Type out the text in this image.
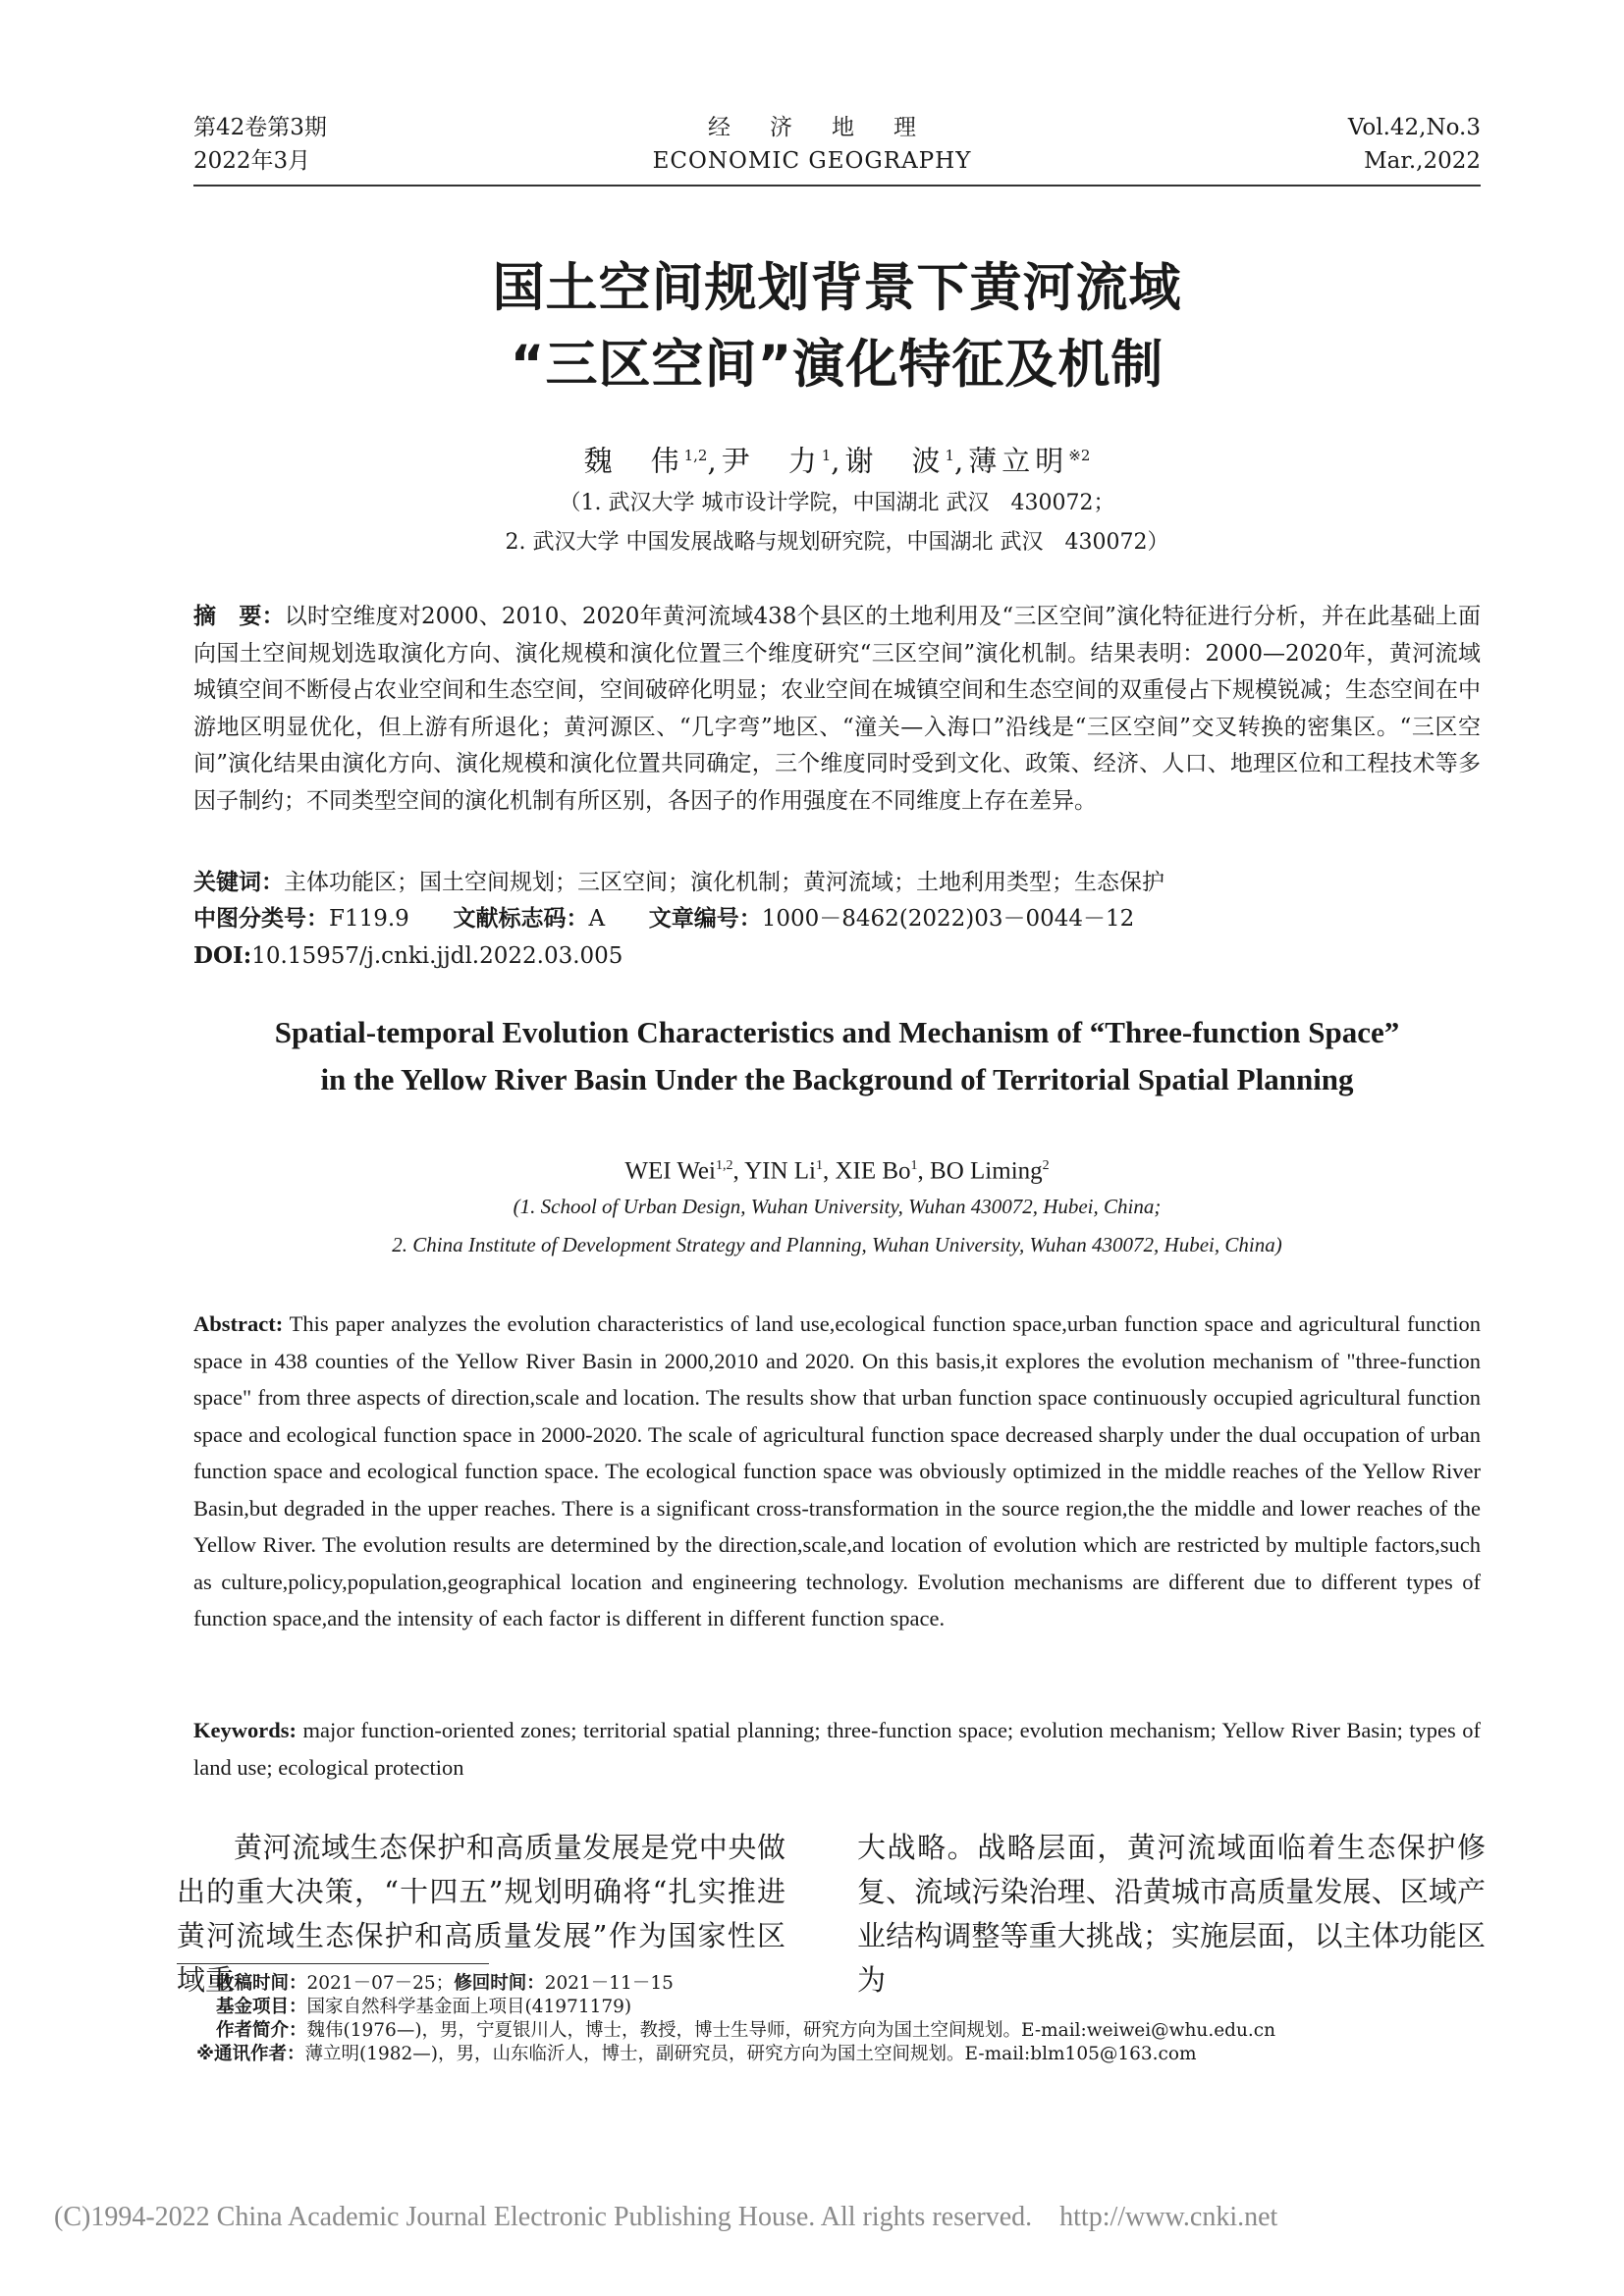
第42卷第3期
2022年3月
经济地理
ECONOMIC GEOGRAPHY
Vol.42,No.3
Mar.,2022
国土空间规划背景下黄河流域
“三区空间”演化特征及机制
魏　伟$^{1,2}$,尹　力$^1$,谢　波$^1$,薄立明$^{※2}$
（1. 武汉大学 城市设计学院，中国湖北 武汉　430072；
2. 武汉大学 中国发展战略与规划研究院，中国湖北 武汉　430072）
摘　要：以时空维度对2000、2010、2020年黄河流域438个县区的土地利用及“三区空间”演化特征进行分析，并在此基础上面向国土空间规划选取演化方向、演化规模和演化位置三个维度研究“三区空间”演化机制。结果表明：2000—2020年，黄河流域城镇空间不断侵占农业空间和生态空间，空间破碎化明显；农业空间在城镇空间和生态空间的双重侵占下规模锐减；生态空间在中游地区明显优化，但上游有所退化；黄河源区、“几字弯”地区、“潼关—入海口”沿线是“三区空间”交叉转换的密集区。“三区空间”演化结果由演化方向、演化规模和演化位置共同确定，三个维度同时受到文化、政策、经济、人口、地理区位和工程技术等多因子制约；不同类型空间的演化机制有所区别，各因子的作用强度在不同维度上存在差异。
关键词：主体功能区；国土空间规划；三区空间；演化机制；黄河流域；土地利用类型；生态保护
中图分类号：F119.9 文献标志码：A 文章编号：1000－8462(2022)03－0044－12
DOI:10.15957/j.cnki.jjdl.2022.03.005
Spatial-temporal Evolution Characteristics and Mechanism of “Three-function Space”
in the Yellow River Basin Under the Background of Territorial Spatial Planning
WEI Wei$^{1,2}$, YIN Li$^1$, XIE Bo$^1$, BO Liming$^2$
(1. School of Urban Design, Wuhan University, Wuhan 430072, Hubei, China;
2. China Institute of Development Strategy and Planning, Wuhan University, Wuhan 430072, Hubei, China)
Abstract: This paper analyzes the evolution characteristics of land use,ecological function space,urban function space and agricultural function space in 438 counties of the Yellow River Basin in 2000,2010 and 2020. On this basis,it explores the evolution mechanism of "three-function space" from three aspects of direction,scale and location. The results show that urban function space continuously occupied agricultural function space and ecological function space in 2000-2020. The scale of agricultural function space decreased sharply under the dual occupation of urban function space and ecological function space. The ecological function space was obviously optimized in the middle reaches of the Yellow River Basin,but degraded in the upper reaches. There is a significant cross-transformation in the source region,the the middle and lower reaches of the Yellow River. The evolution results are determined by the direction,scale,and location of evolution which are restricted by multiple factors,such as culture,policy,population,geographical location and engineering technology. Evolution mechanisms are different due to different types of function space,and the intensity of each factor is different in different function space.
Keywords: major function-oriented zones; territorial spatial planning; three-function space; evolution mechanism; Yellow River Basin; types of land use; ecological protection
黄河流域生态保护和高质量发展是党中央做出的重大决策，“十四五”规划明确将“扎实推进黄河流域生态保护和高质量发展”作为国家性区域重
大战略。战略层面，黄河流域面临着生态保护修复、流域污染治理、沿黄城市高质量发展、区域产业结构调整等重大挑战；实施层面，以主体功能区为
收稿时间：2021－07－25；修回时间：2021－11－15
基金项目：国家自然科学基金面上项目(41971179)
作者简介：魏伟(1976—)，男，宁夏银川人，博士，教授，博士生导师，研究方向为国土空间规划。E-mail:weiwei@whu.edu.cn
※通讯作者：薄立明(1982—)，男，山东临沂人，博士，副研究员，研究方向为国土空间规划。E-mail:blm105@163.com
(C)1994-2022 China Academic Journal Electronic Publishing House. All rights reserved.　http://www.cnki.net
